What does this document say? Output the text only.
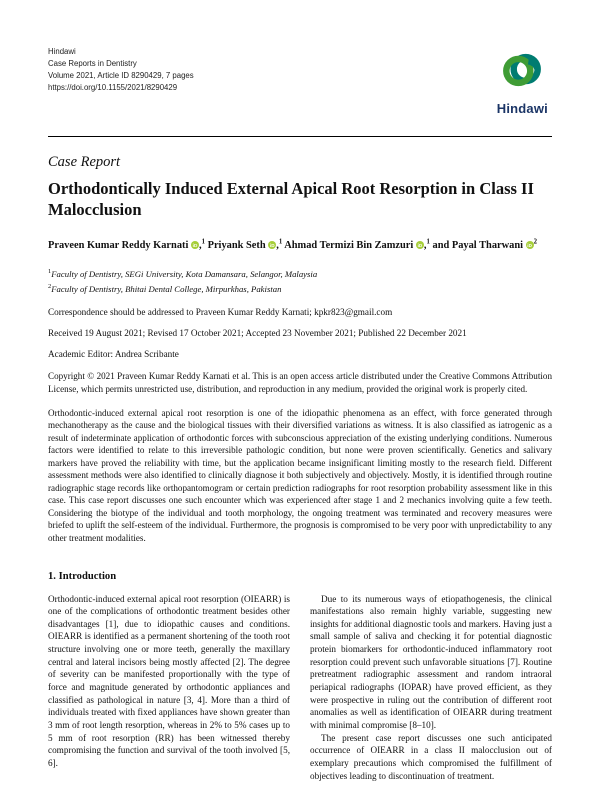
Hindawi
Case Reports in Dentistry
Volume 2021, Article ID 8290429, 7 pages
https://doi.org/10.1155/2021/8290429
Hindawi
Case Report
Orthodontically Induced External Apical Root Resorption in Class II Malocclusion
Praveen Kumar Reddy Karnati iD ,$^1$ Priyank Seth iD ,$^1$ Ahmad Termizi Bin Zamzuri iD ,$^1$ and Payal Tharwani iD $^2$
$^1$Faculty of Dentistry, SEGi University, Kota Damansara, Selangor, Malaysia
$^2$Faculty of Dentistry, Bhitai Dental College, Mirpurkhas, Pakistan
Correspondence should be addressed to Praveen Kumar Reddy Karnati; kpkr823@gmail.com
Received 19 August 2021; Revised 17 October 2021; Accepted 23 November 2021; Published 22 December 2021
Academic Editor: Andrea Scribante
Copyright © 2021 Praveen Kumar Reddy Karnati et al. This is an open access article distributed under the Creative Commons Attribution License, which permits unrestricted use, distribution, and reproduction in any medium, provided the original work is properly cited.
Orthodontic-induced external apical root resorption is one of the idiopathic phenomena as an effect, with force generated through mechanotherapy as the cause and the biological tissues with their diversified variations as witness. It is also classified as iatrogenic as a result of indeterminate application of orthodontic forces with subconscious appreciation of the existing underlying conditions. Numerous factors were identified to relate to this irreversible pathologic condition, but none were proven scientifically. Genetics and salivary markers have proved the reliability with time, but the application became insignificant limiting mostly to the research field. Different assessment methods were also identified to clinically diagnose it both subjectively and objectively. Mostly, it is identified through routine radiographic stage records like orthopantomogram or certain prediction radiographs for root resorption probability assessment like in this case. This case report discusses one such encounter which was experienced after stage 1 and 2 mechanics involving quite a few teeth. Considering the biotype of the individual and tooth morphology, the ongoing treatment was terminated and recovery measures were briefed to uplift the self-esteem of the individual. Furthermore, the prognosis is compromised to be very poor with unpredictability to any other treatment modalities.
1. Introduction

Orthodontic-induced external apical root resorption (OIEARR) is one of the complications of orthodontic treatment besides other disadvantages [1], due to idiopathic causes and conditions. OIEARR is identified as a permanent shortening of the tooth root structure involving one or more teeth, generally the maxillary central and lateral incisors being mostly affected [2]. The degree of severity can be manifested proportionally with the type of force and magnitude generated by orthodontic appliances and classified as pathological in nature [3, 4]. More than a third of individuals treated with fixed appliances have shown greater than 3 mm of root length resorption, whereas in 2% to 5% cases up to 5 mm of root resorption (RR) has been witnessed thereby compromising the function and survival of the tooth involved [5, 6].

Due to its numerous ways of etiopathogenesis, the clinical manifestations also remain highly variable, suggesting new insights for additional diagnostic tools and markers. Having just a small sample of saliva and checking it for potential diagnostic protein biomarkers for orthodontic-induced inflammatory root resorption could prevent such unfavorable situations [7]. Routine pretreatment radiographic assessment and random intraoral periapical radiographs (IOPAR) have proved efficient, as they were prospective in ruling out the contribution of different root anomalies as well as identification of OIEARR during treatment with minimal compromise [8–10].

The present case report discusses one such anticipated occurrence of OIEARR in a class II malocclusion out of exemplary precautions which compromised the fulfillment of objectives leading to discontinuation of treatment.
